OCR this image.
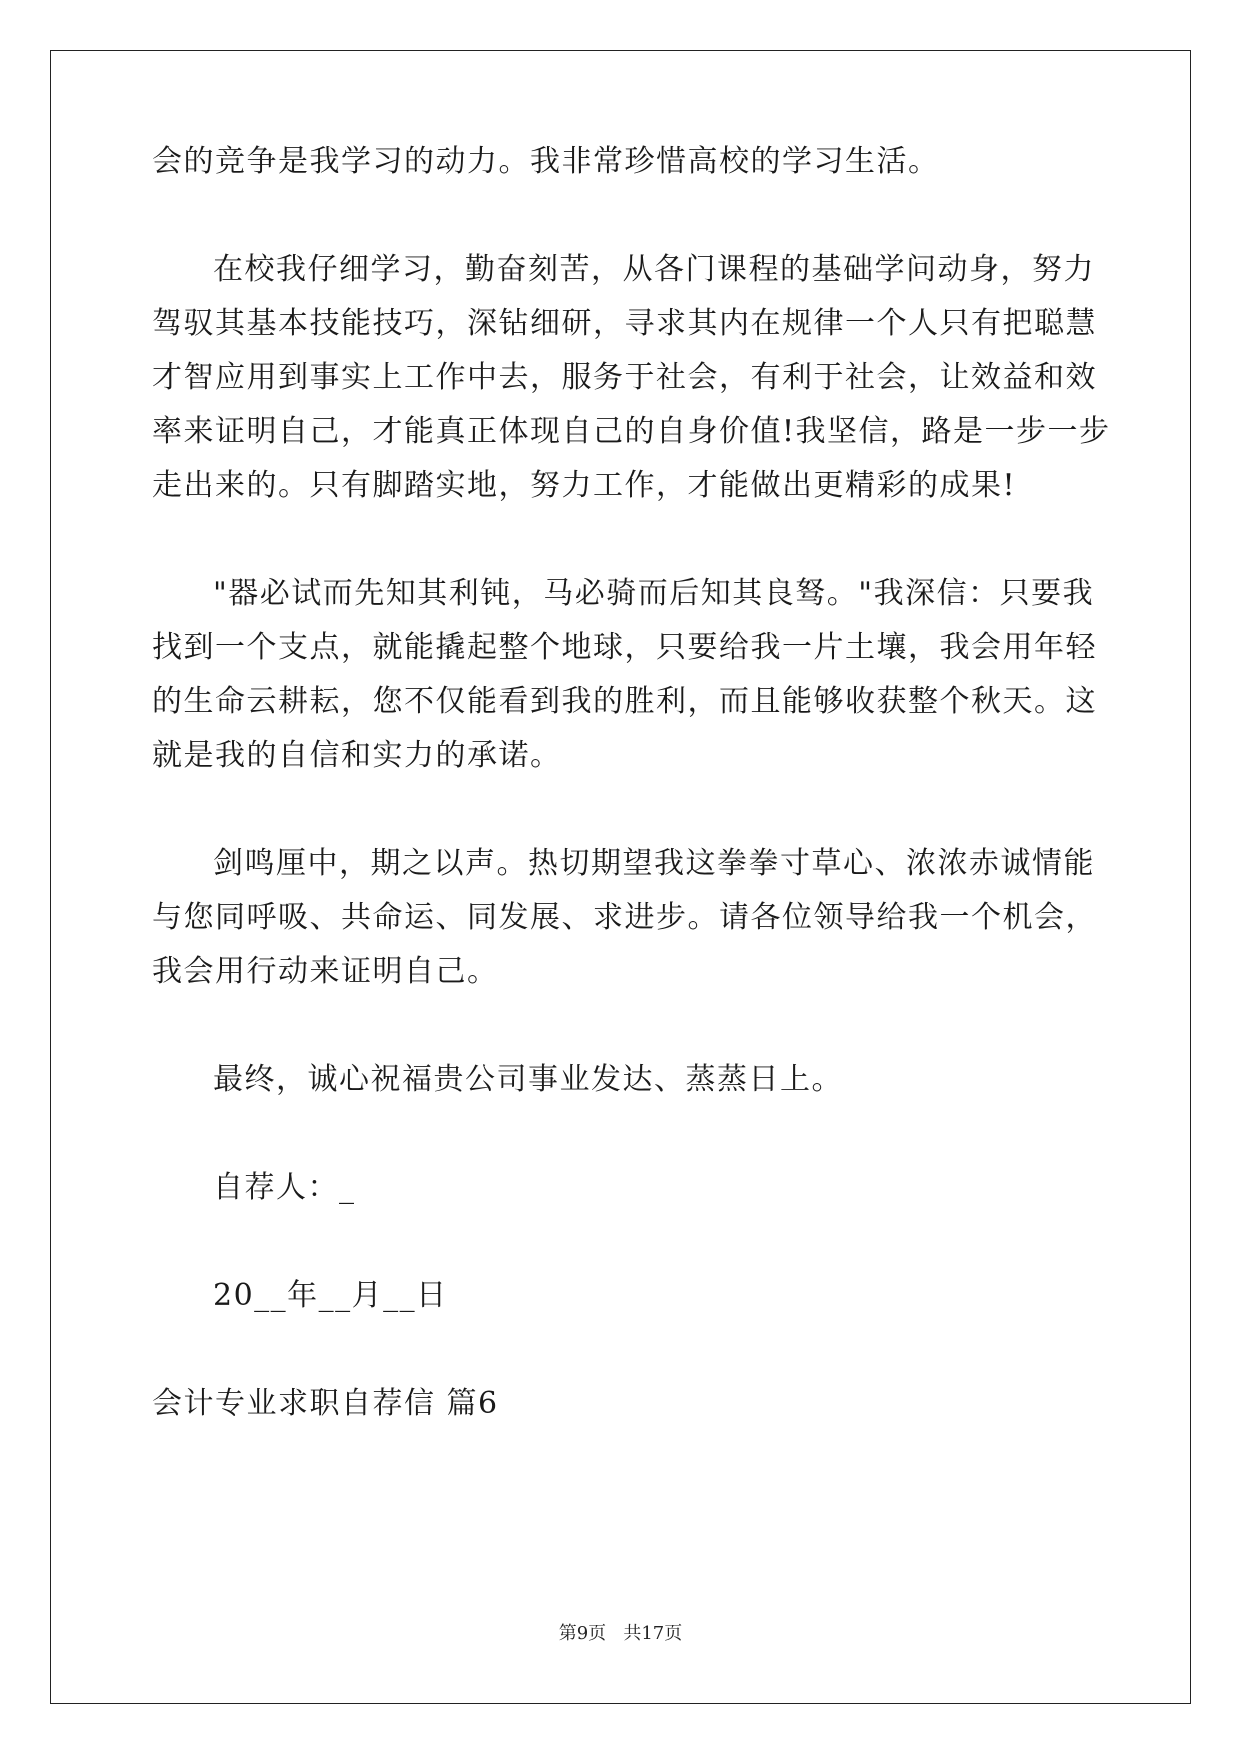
会的竞争是我学习的动力。我非常珍惜高校的学习生活。
在校我仔细学习，勤奋刻苦，从各门课程的基础学问动身，努力
驾驭其基本技能技巧，深钻细研，寻求其内在规律一个人只有把聪慧
才智应用到事实上工作中去，服务于社会，有利于社会，让效益和效
率来证明自己，才能真正体现自己的自身价值!我坚信，路是一步一步
走出来的。只有脚踏实地，努力工作，才能做出更精彩的成果!
"器必试而先知其利钝，马必骑而后知其良驽。"我深信：只要我
找到一个支点，就能撬起整个地球，只要给我一片土壤，我会用年轻
的生命云耕耘，您不仅能看到我的胜利，而且能够收获整个秋天。这
就是我的自信和实力的承诺。
剑鸣厘中，期之以声。热切期望我这拳拳寸草心、浓浓赤诚情能
与您同呼吸、共命运、同发展、求进步。请各位领导给我一个机会，
我会用行动来证明自己。
最终，诚心祝福贵公司事业发达、蒸蒸日上。
自荐人：_
20__年__月__日
会计专业求职自荐信 篇6
第9页   共17页
